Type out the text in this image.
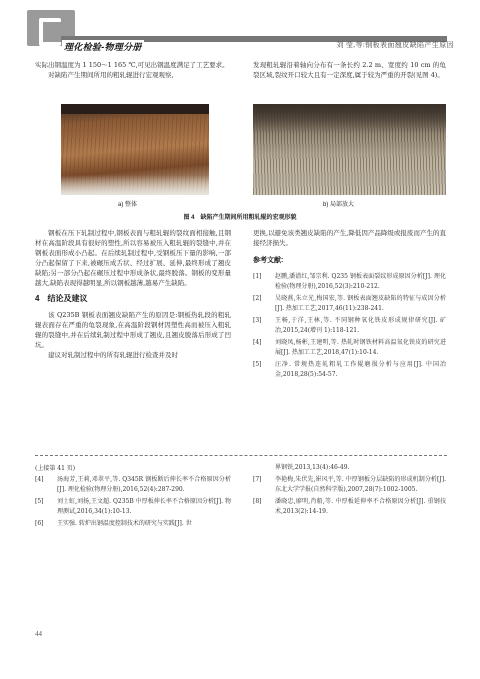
理化检验-物理分册	刘 莹,等:钢板表面翘皮缺陷产生原因

实际出钢温度为 1 150～1 165 ℃,可见出钢温度满足了工艺要求。

对缺陷产生期间所用的粗轧辊进行宏观观察,

发现粗轧辊沿着轴向分布有一条长约 2.2 m、宽度约 10 cm 的龟裂区域,裂纹开口较大且有一定深度,属于较为严重的开裂(见图 4)。

a) 整体	b) 局部放大
图 4　缺陷产生期间所用粗轧辊的宏观形貌

钢板在压下轧制过程中,钢板表面与粗轧辊的裂纹面相接触,且钢材在高温阶段具有很好的塑性,所以容易被压入粗轧辊的裂缝中,并在钢板表面形成小凸起。在后续轧制过程中,受钢板压下量的影响,一部分凸起保留了下来,被碾压成舌状、经过扩展、延伸,最终形成了翘皮缺陷;另一部分凸起在碾压过程中形成条状,最终脱落。钢板的变形量越大,缺陷表现得越明显,所以钢板越薄,越易产生缺陷。

4　结论及建议

该 Q235B 钢板表面翘皮缺陷产生的原因是:钢板热轧段的粗轧辊表面存在严重的龟裂现象,在高温阶段钢材因塑性高而被压入粗轧辊的裂缝中,并在后续轧制过程中形成了翘皮,且翘皮脱落后形成了凹坑。

建议对轧制过程中的所有轧辊进行检查并及时

更换,以避免该类翘皮缺陷的产生,降低因产品降级或报废而产生的直接经济损失。

参考文献:
[1]	赵鹏,潘谱红,邹宗利. Q235 钢板表面裂纹形成原因分析[J]. 理化检验(物理分册),2016,52(3):210-212.
[2]	吴晓燕,朱立光,梅国宏,等. 钢板表面翘皮缺陷的特征与成因分析[J]. 热加工工艺,2017,46(11):238-241.
[3]	王畅,于洋,王林,等. 不同钢种氧化铁皮形成规律研究[J]. 矿冶,2015,24(增刊 1):118-121.
[4]	刘晓凤,杨彬,王建明,等. 热轧时钢铁材料高温氧化铁皮的研究进展[J]. 热加工工艺,2018,47(1):10-14.
[5]	汪净. 常规热连轧粗轧工作辊磨损分析与应用[J]. 中国冶金,2018,28(5):54-57.
(上接第 41 页)
[4]	汤海芳,王莉,邓翠平,等. Q345R 钢板断后伸长率不合格原因分析[J]. 理化检验(物理分册),2016,52(4):287-290.
[5]	刘士虹,刘扬,王文超. Q235B 中厚板伸长率不合格原因分析[J]. 物理测试,2016,34(1):10-13.
[6]	王实强. 转炉出钢温度控制技术的研究与实践[J]. 世
界钢铁,2013,13(4):46-49.
[7]	李艳梅,朱伏先,崔风平,等. 中厚钢板分层缺陷的形成机制分析[J]. 东北大学学报(自然科学版),2007,28(7):1002-1005.
[8]	潘晓忠,廖明,肖船,等. 中厚板延伸率不合格原因分析[J]. 重钢技术,2013(2):14-19.
44
